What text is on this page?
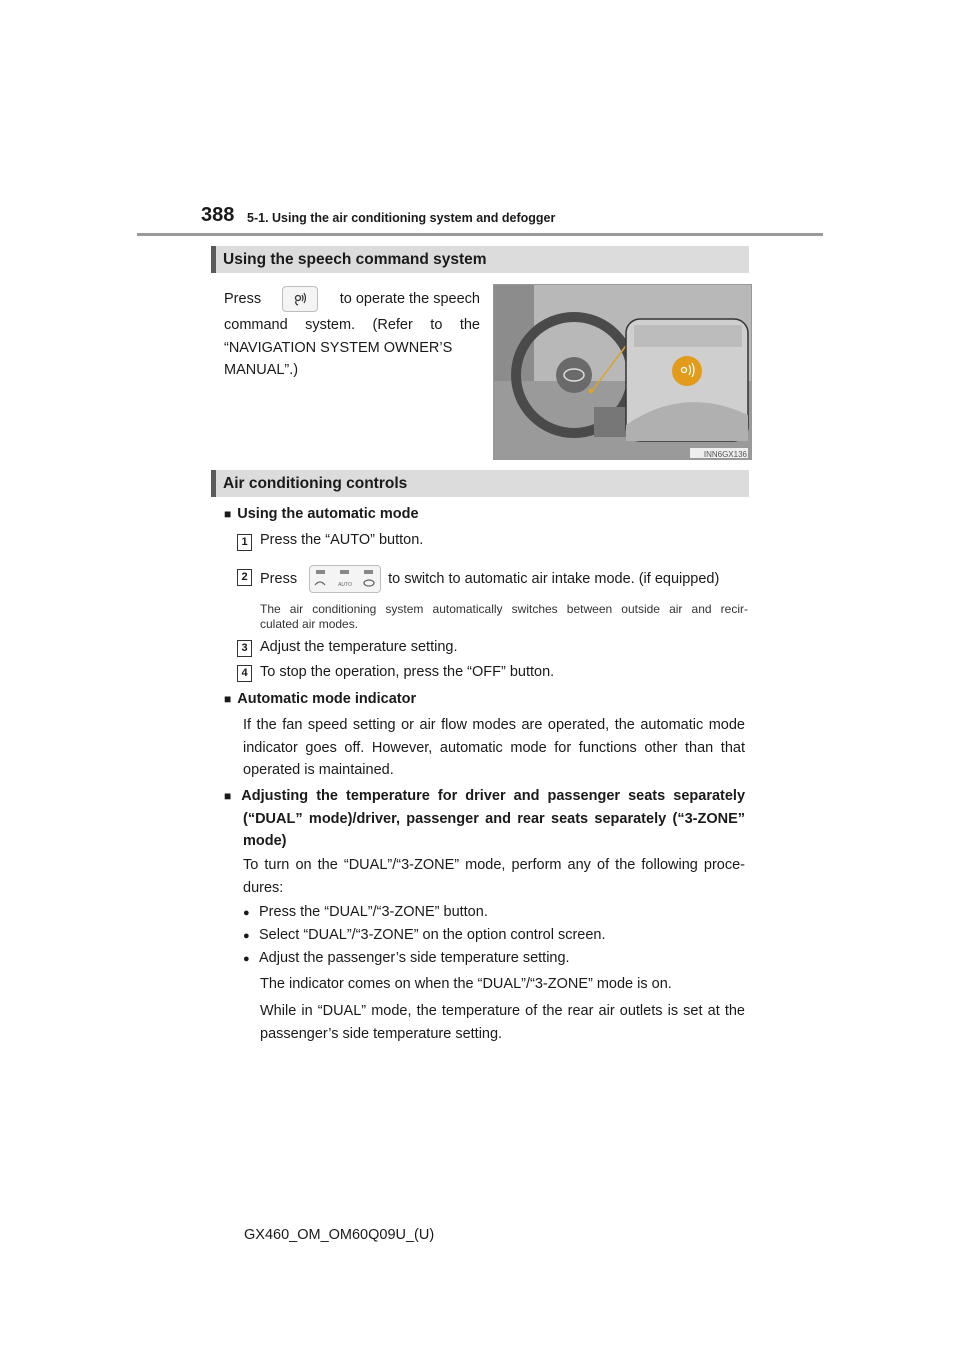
388 5-1. Using the air conditioning system and defogger
Using the speech command system
Press	to operate the speech
command system. (Refer to the
“NAVIGATION SYSTEM OWNER’S
MANUAL”.)
INN6GX136
Air conditioning controls
■ Using the automatic mode
1 Press the “AUTO” button.
2 Press	AUTO to switch to automatic air intake mode. (if equipped)
The air conditioning system automatically switches between outside air and recir-
culated air modes.
3 Adjust the temperature setting.
4 To stop the operation, press the “OFF” button.
■ Automatic mode indicator
If the fan speed setting or air flow modes are operated, the automatic mode
indicator goes off. However, automatic mode for functions other than that
operated is maintained.
■ Adjusting the temperature for driver and passenger seats separately
(“DUAL” mode)/driver, passenger and rear seats separately (“3-ZONE”
mode)
To turn on the “DUAL”/“3-ZONE” mode, perform any of the following proce-
dures:
● Press the “DUAL”/“3-ZONE” button.
● Select “DUAL”/“3-ZONE” on the option control screen.
● Adjust the passenger’s side temperature setting.
The indicator comes on when the “DUAL”/“3-ZONE” mode is on.
While in “DUAL” mode, the temperature of the rear air outlets is set at the
passenger’s side temperature setting.
GX460_OM_OM60Q09U_(U)
